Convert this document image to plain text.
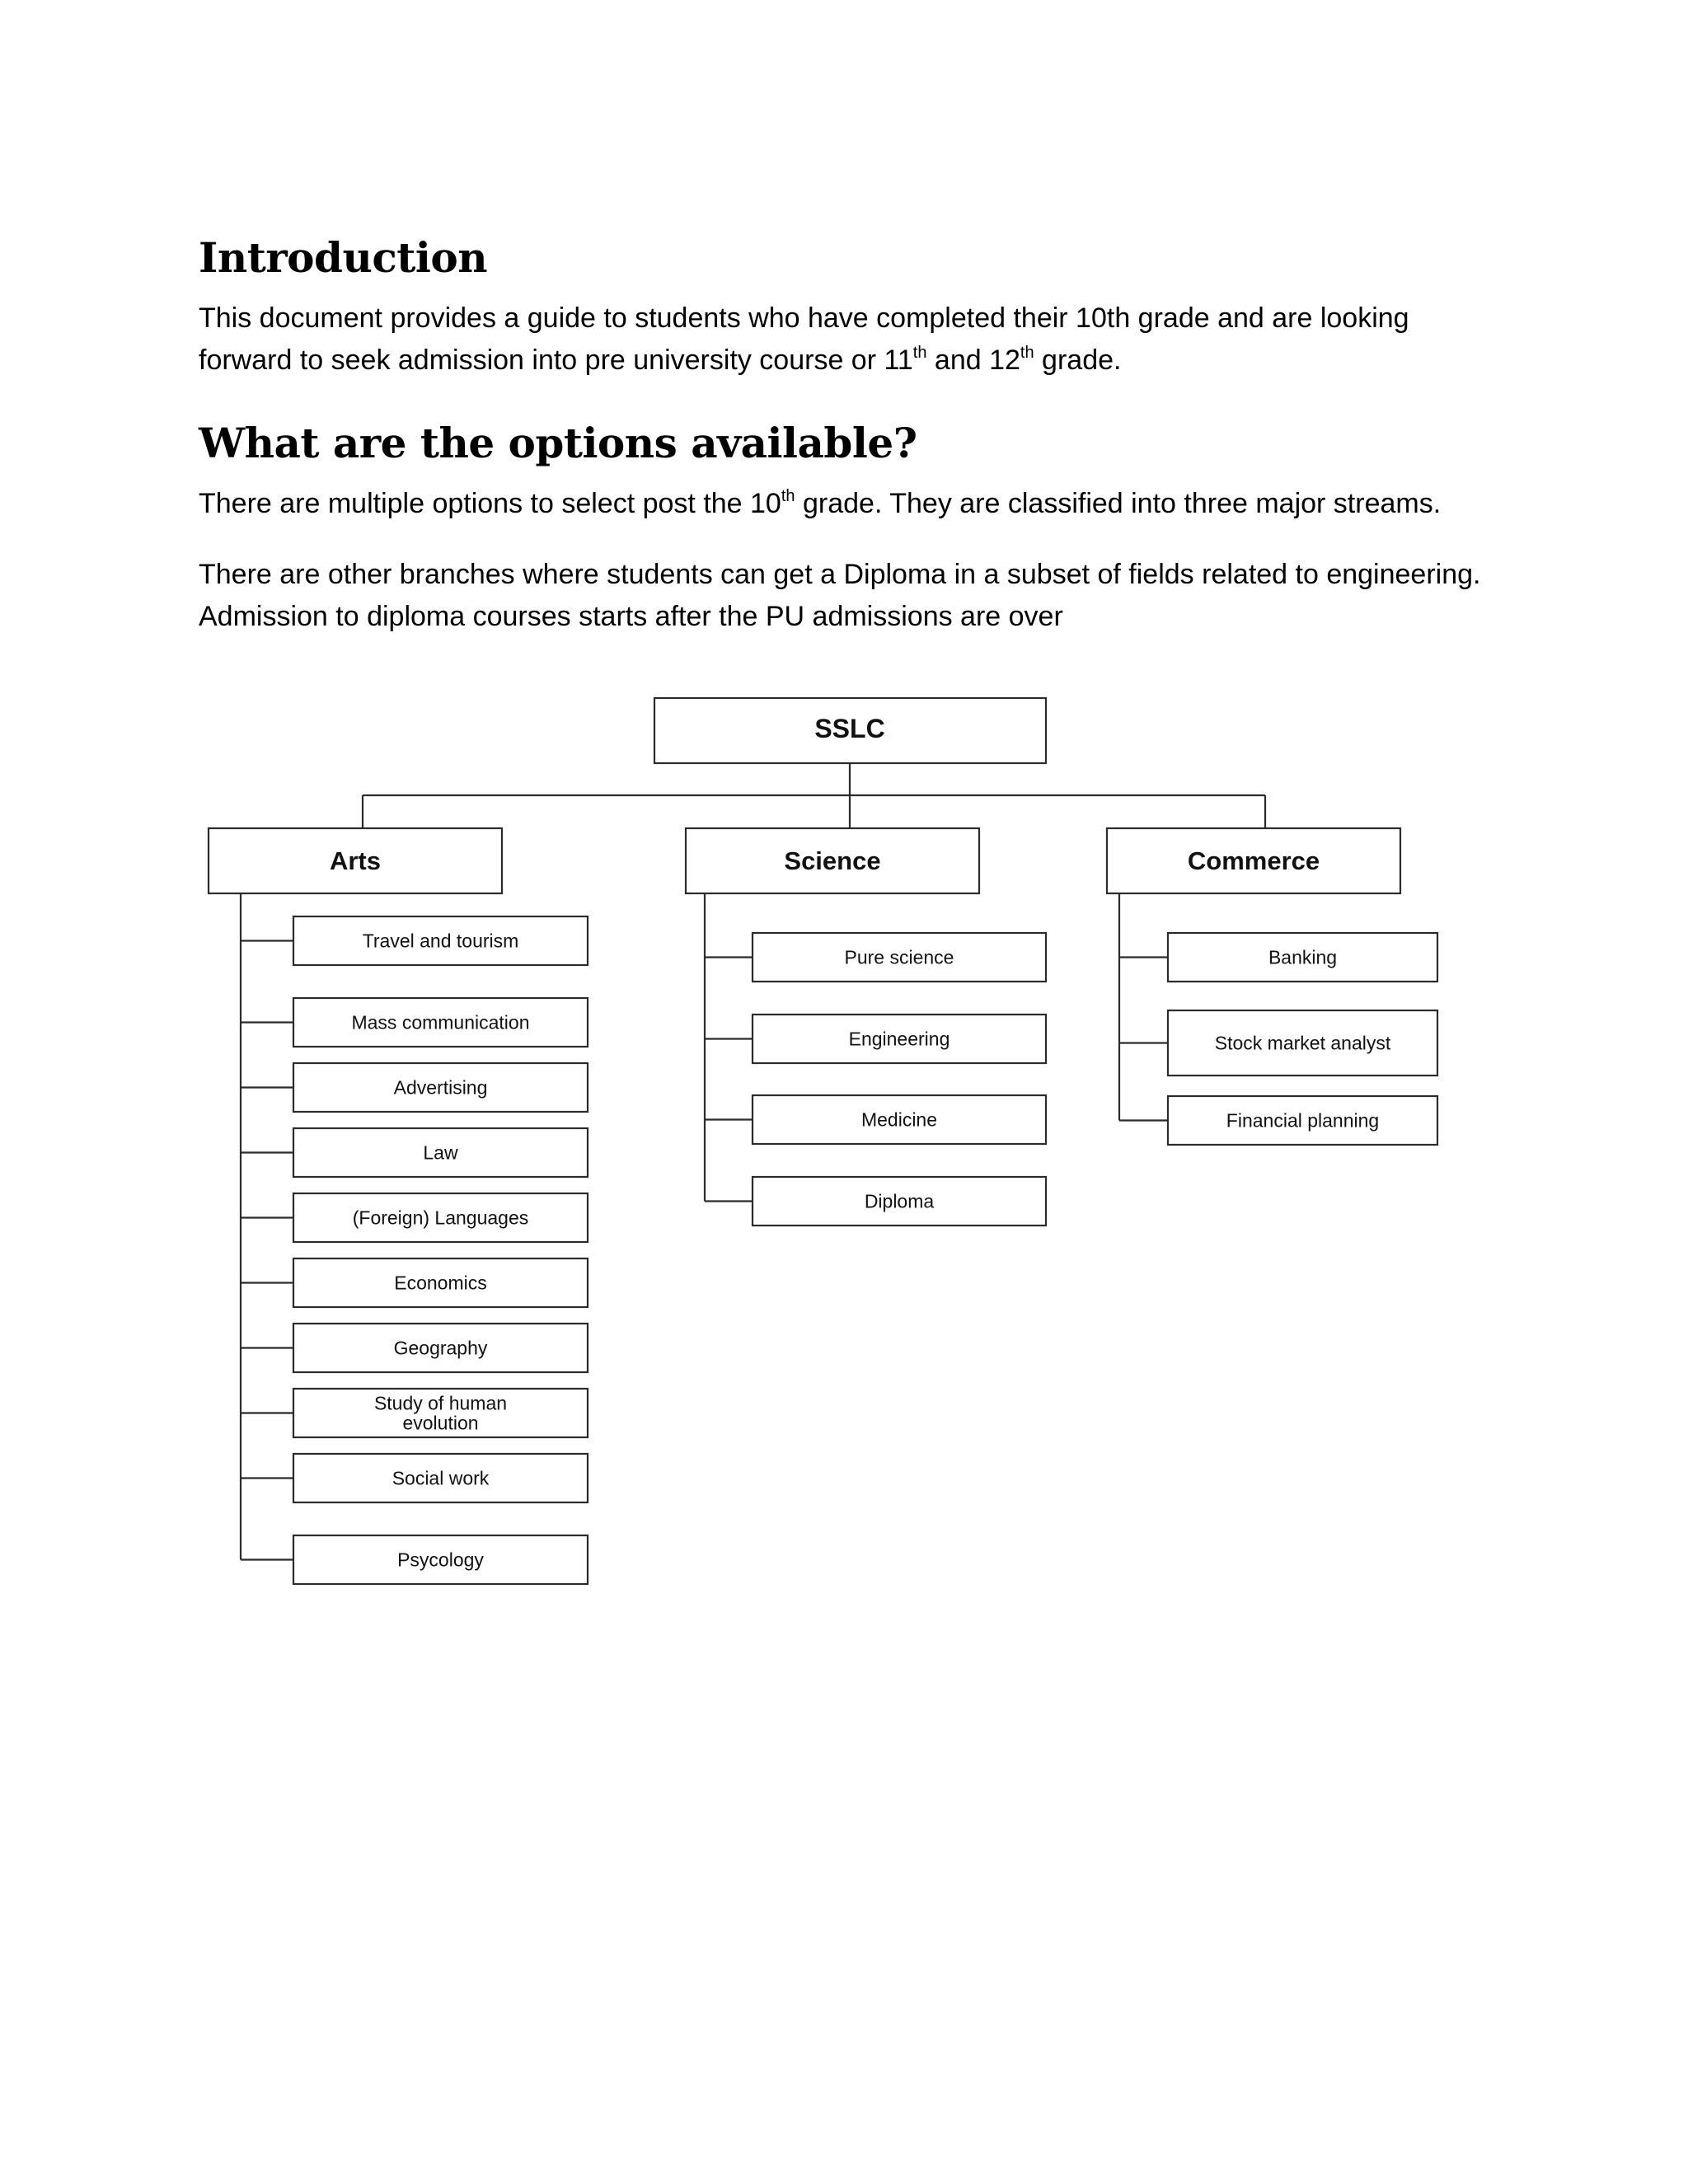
Introduction

This document provides a guide to students who have completed their 10th grade and are looking
forward to seek admission into pre university course or 11th and 12th grade.

What are the options available?

There are multiple options to select post the 10th grade. They are classified into three major streams.

There are other branches where students can get a Diploma in a subset of fields related to engineering.
Admission to diploma courses starts after the PU admissions are over

SSLC
Arts
Travel and tourism
Mass communication
Advertising
Law
(Foreign) Languages
Economics
Geography
Study of human
evolution
Social work
Psycology
Science
Pure science
Engineering
Medicine
Diploma
Commerce
Banking
Stock market analyst
Financial planning
